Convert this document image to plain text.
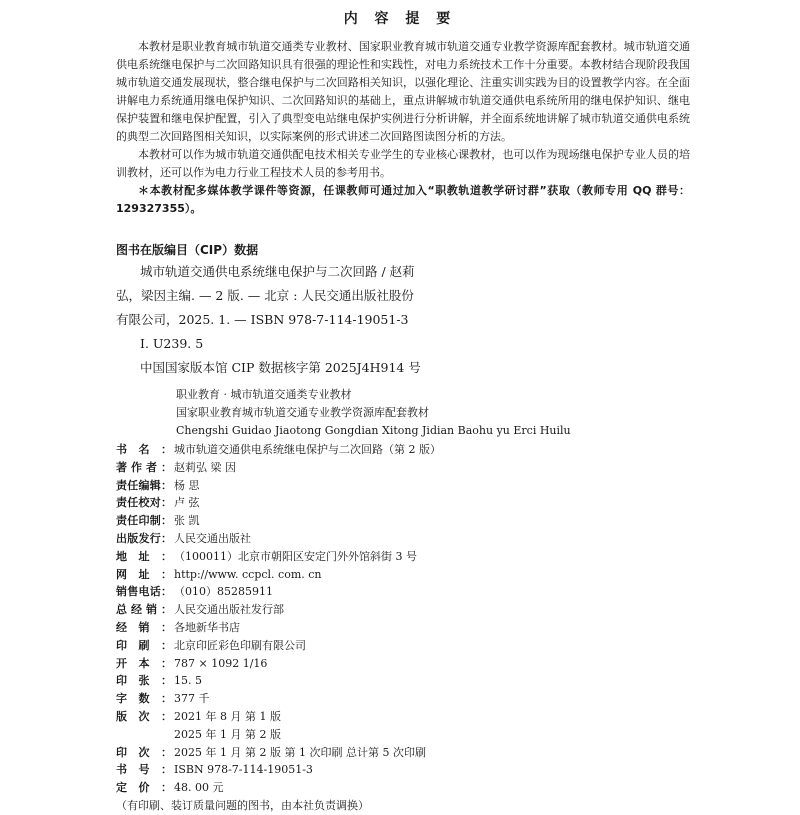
内 容 提 要

本教材是职业教育城市轨道交通类专业教材、国家职业教育城市轨道交通专业教学资源库配套教材。城市轨道交通供电系统继电保护与二次回路知识具有很强的理论性和实践性，对电力系统技术工作十分重要。本教材结合现阶段我国城市轨道交通发展现状，整合继电保护与二次回路相关知识，以强化理论、注重实训实践为目的设置教学内容。在全面讲解电力系统通用继电保护知识、二次回路知识的基础上，重点讲解城市轨道交通供电系统所用的继电保护知识、继电保护装置和继电保护配置，引入了典型变电站继电保护实例进行分析讲解，并全面系统地讲解了城市轨道交通供电系统的典型二次回路图相关知识，以实际案例的形式讲述二次回路图读图分析的方法。

本教材可以作为城市轨道交通供配电技术相关专业学生的专业核心课教材，也可以作为现场继电保护专业人员的培训教材，还可以作为电力行业工程技术人员的参考用书。

＊本教材配多媒体教学课件等资源，任课教师可通过加入“职教轨道教学研讨群”获取（教师专用 QQ 群号：129327355）。

图书在版编目（CIP）数据
城市轨道交通供电系统继电保护与二次回路 / 赵莉
弘，梁因主编. — 2 版. — 北京 : 人民交通出版社股份
有限公司，2025. 1. — ISBN 978-7-114-19051-3
Ⅰ. U239. 5
中国国家版本馆 CIP 数据核字第 2025J4H914 号
职业教育 · 城市轨道交通类专业教材
国家职业教育城市轨道交通专业教学资源库配套教材
Chengshi Guidao Jiaotong Gongdian Xitong Jidian Baohu yu Erci Huilu
书 名 ： 城市轨道交通供电系统继电保护与二次回路（第 2 版）
著 作 者 ： 赵莉弘 梁 因
责 任 编 辑 ： 杨 思
责 任 校 对 ： 卢 弦
责 任 印 制 ： 张 凯
出 版 发 行 ： 人民交通出版社
地 址 ： （100011）北京市朝阳区安定门外外馆斜街 3 号
网 址 ： http://www. ccpcl. com. cn
销 售 电 话 ： （010）85285911
总 经 销 ： 人民交通出版社发行部
经 销 ： 各地新华书店
印 刷 ： 北京印匠彩色印刷有限公司
开 本 ： 787 × 1092 1/16
印 张 ： 15. 5
字 数 ： 377 千
版 次 ： 2021 年 8 月 第 1 版
2025 年 1 月 第 2 版
印 次 ： 2025 年 1 月 第 2 版 第 1 次印刷 总计第 5 次印刷
书 号 ： ISBN 978-7-114-19051-3
定 价 ： 48. 00 元
（有印刷、装订质量问题的图书，由本社负责调换）
